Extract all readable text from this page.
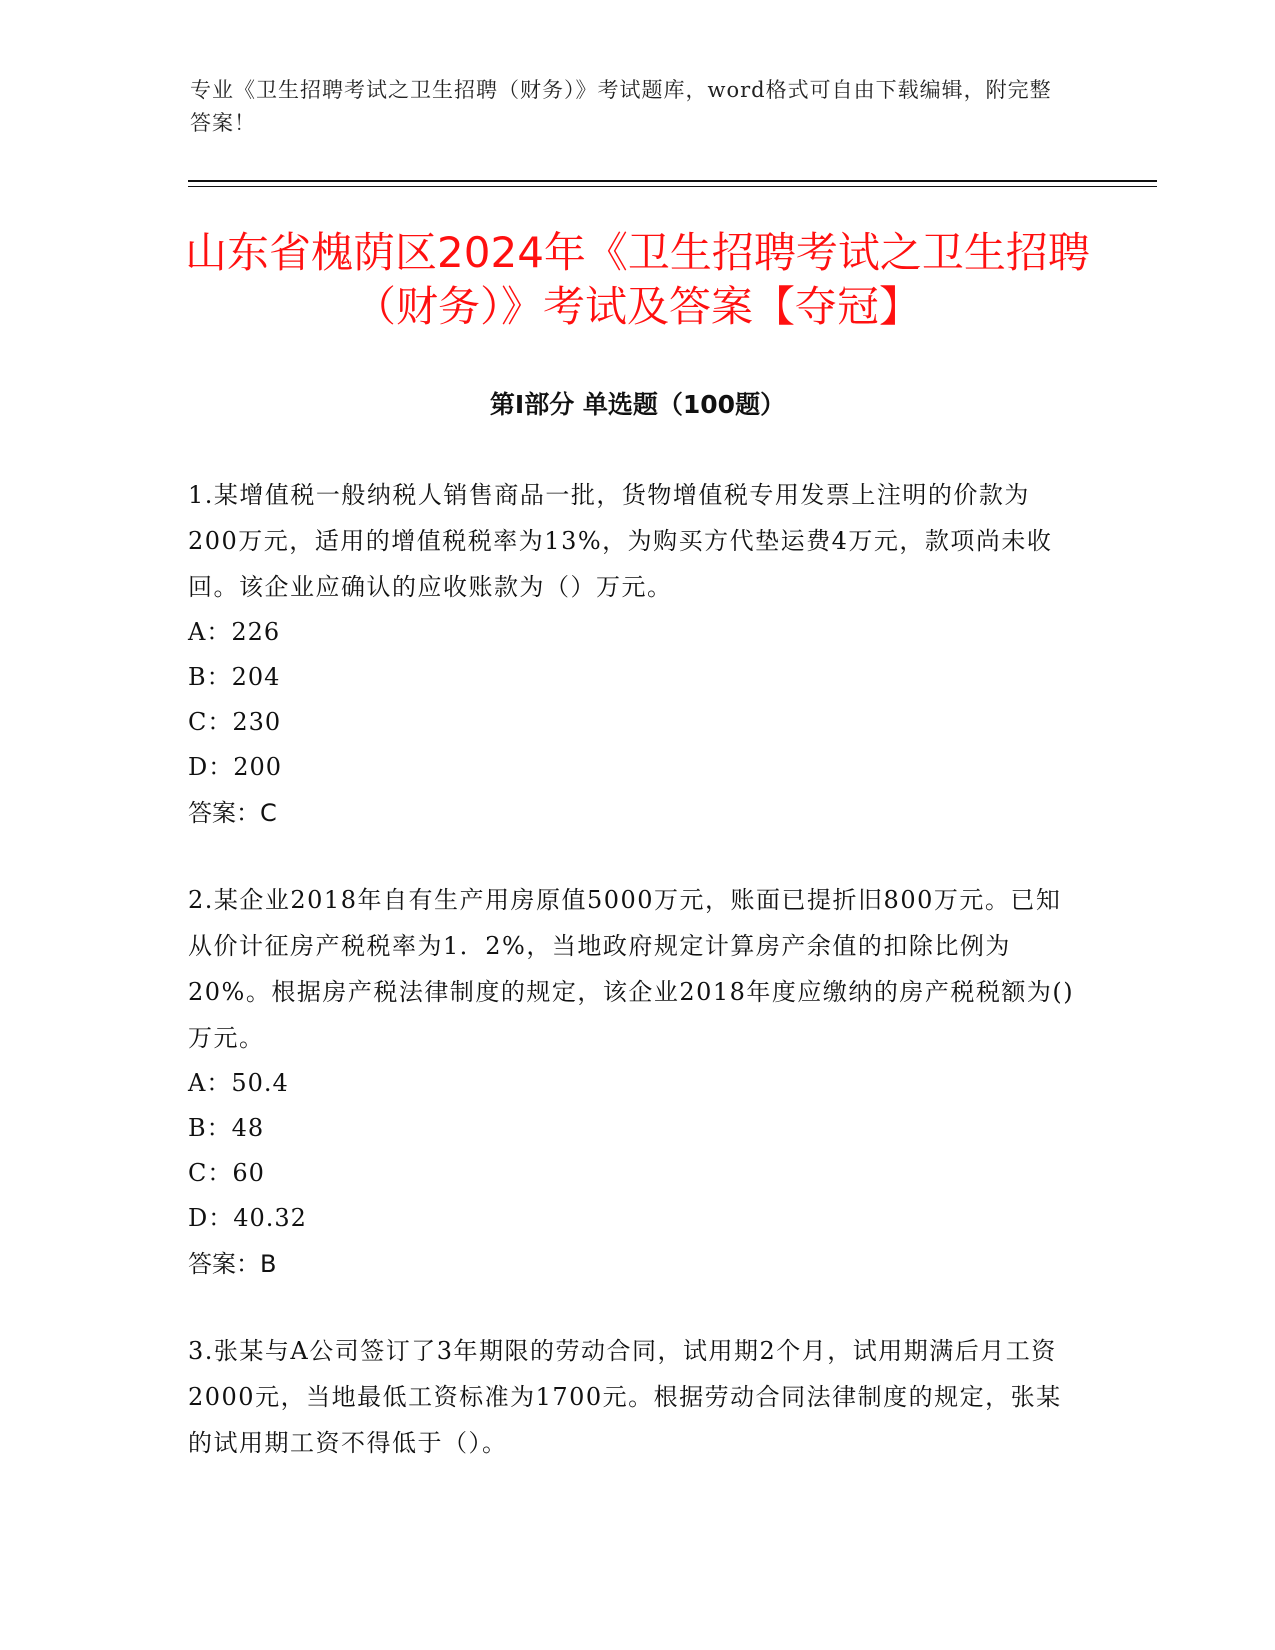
专业《卫生招聘考试之卫生招聘（财务）》考试题库，word格式可自由下载编辑，附完整答案！
山东省槐荫区2024年《卫生招聘考试之卫生招聘（财务）》考试及答案【夺冠】
第Ⅰ部分 单选题（100题）

1.某增值税一般纳税人销售商品一批，货物增值税专用发票上注明的价款为200万元，适用的增值税税率为13%，为购买方代垫运费4万元，款项尚未收回。该企业应确认的应收账款为（）万元。

A：226

B：204

C：230

D：200

答案：C

2.某企业2018年自有生产用房原值5000万元，账面已提折旧800万元。已知从价计征房产税税率为1．2%，当地政府规定计算房产余值的扣除比例为20%。根据房产税法律制度的规定，该企业2018年度应缴纳的房产税税额为()万元。

A：50.4

B：48

C：60

D：40.32

答案：B

3.张某与A公司签订了3年期限的劳动合同，试用期2个月，试用期满后月工资2000元，当地最低工资标准为1700元。根据劳动合同法律制度的规定，张某的试用期工资不得低于（）。
